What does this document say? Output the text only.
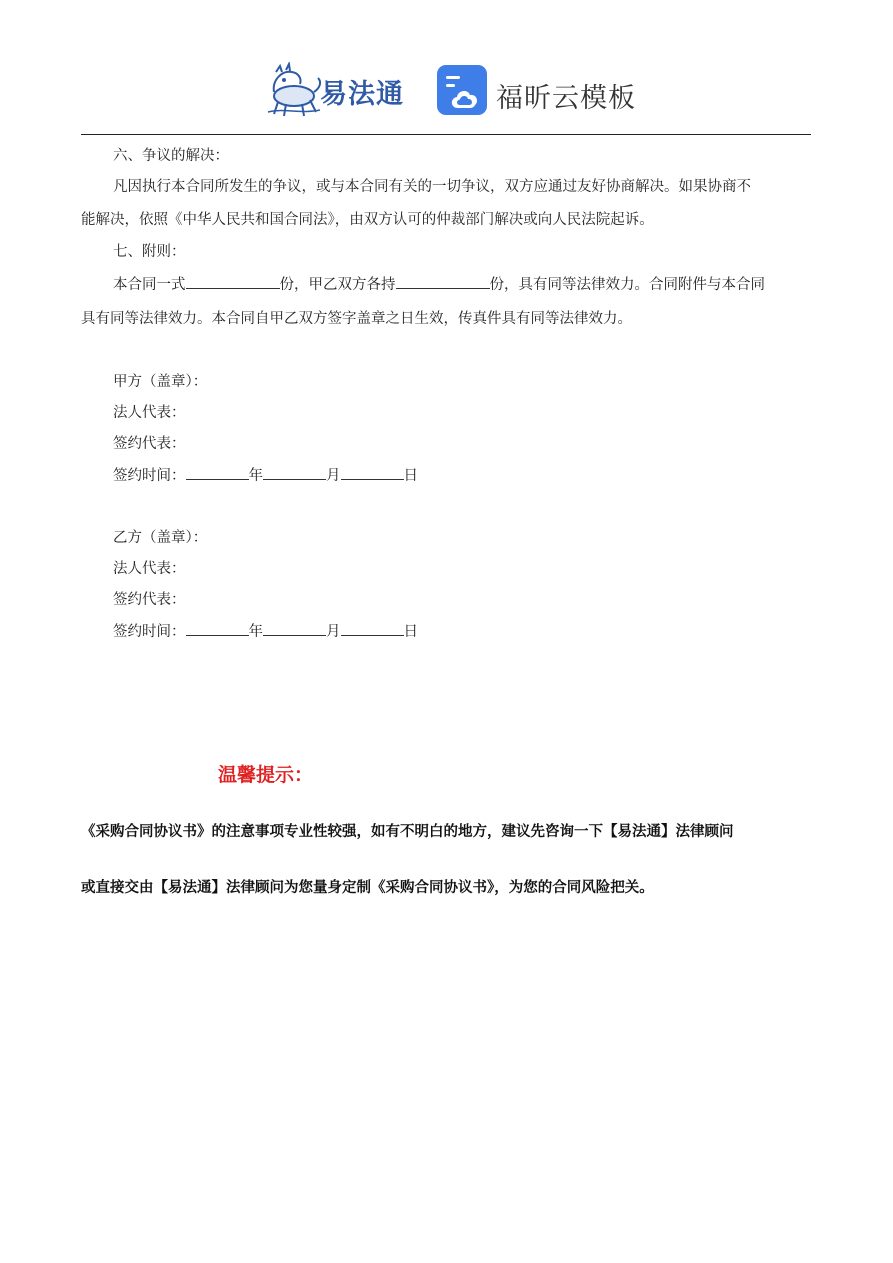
易法通	福昕云模板
六、争议的解决：
凡因执行本合同所发生的争议，或与本合同有关的一切争议，双方应通过友好协商解决。如果协商不
能解决，依照《中华人民共和国合同法》，由双方认可的仲裁部门解决或向人民法院起诉。
七、附则：
本合同一式	份，甲乙双方各持	份，具有同等法律效力。合同附件与本合同
具有同等法律效力。本合同自甲乙双方签字盖章之日生效，传真件具有同等法律效力。
甲方（盖章）：
法人代表：
签约代表：
签约时间：	年	月	日
乙方（盖章）：
法人代表：
签约代表：
签约时间：	年	月	日
温馨提示：
《采购合同协议书》的注意事项专业性较强，如有不明白的地方，建议先咨询一下【易法通】法律顾问
或直接交由【易法通】法律顾问为您量身定制《采购合同协议书》，为您的合同风险把关。
